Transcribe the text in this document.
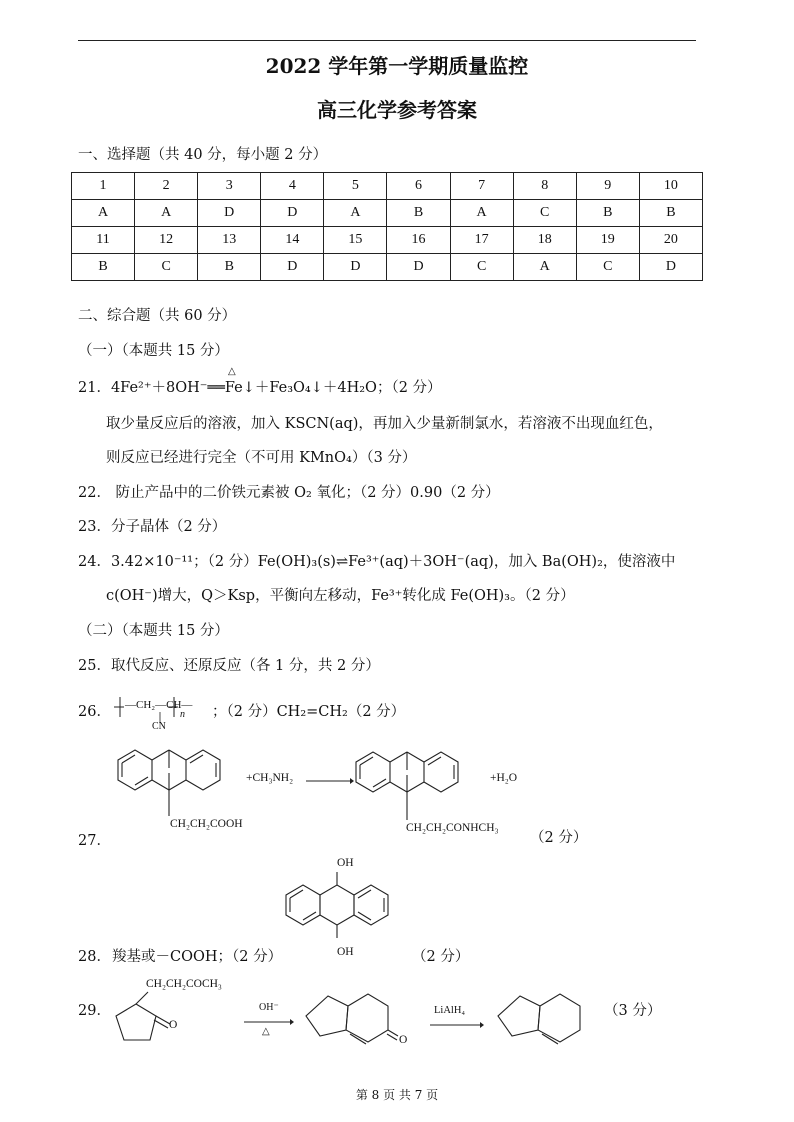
2022 学年第一学期质量监控
高三化学参考答案
一、选择题（共 40 分，每小题 2 分）
1	2	3	4	5	6	7	8	9	10
A	A	D	D	A	B	A	C	B	B
11	12	13	14	15	16	17	18	19	20
B	C	B	D	D	D	C	A	C	D
二、综合题（共 60 分）
（一）（本题共 15 分）
△
21．4Fe²⁺＋8OH⁻══Fe↓＋Fe₃O₄↓＋4H₂O；（2 分）
取少量反应后的溶液，加入 KSCN(aq)，再加入少量新制氯水，若溶液不出现血红色，
则反应已经进行完全（不可用 KMnO₄）（3 分）
22． 防止产品中的二价铁元素被 O₂ 氧化；（2 分）0.90（2 分）
23．分子晶体（2 分）
24．3.42×10⁻¹¹；（2 分）Fe(OH)₃(s)⇌Fe³⁺(aq)＋3OH⁻(aq)，加入 Ba(OH)₂，使溶液中
c(OH⁻)增大，Q＞Ksp，平衡向左移动，Fe³⁺转化成 Fe(OH)₃。（2 分）
（二）（本题共 15 分）
25．取代反应、还原反应（各 1 分，共 2 分）
26． —CH₂—CH—
CN
n ；（2 分）CH₂=CH₂（2 分）
27．
CH₂CH₂COOH
+CH₃NH₂
CH₂CH₂CONHCH₃
+H₂O
（2 分）
OH
OH
28． 羧基或－COOH；（2 分）	（2 分）
29．
CH₂CH₂COCH₃
O
OH⁻
△
O
LiAlH₄	（3 分）
第 8 页 共 7 页
